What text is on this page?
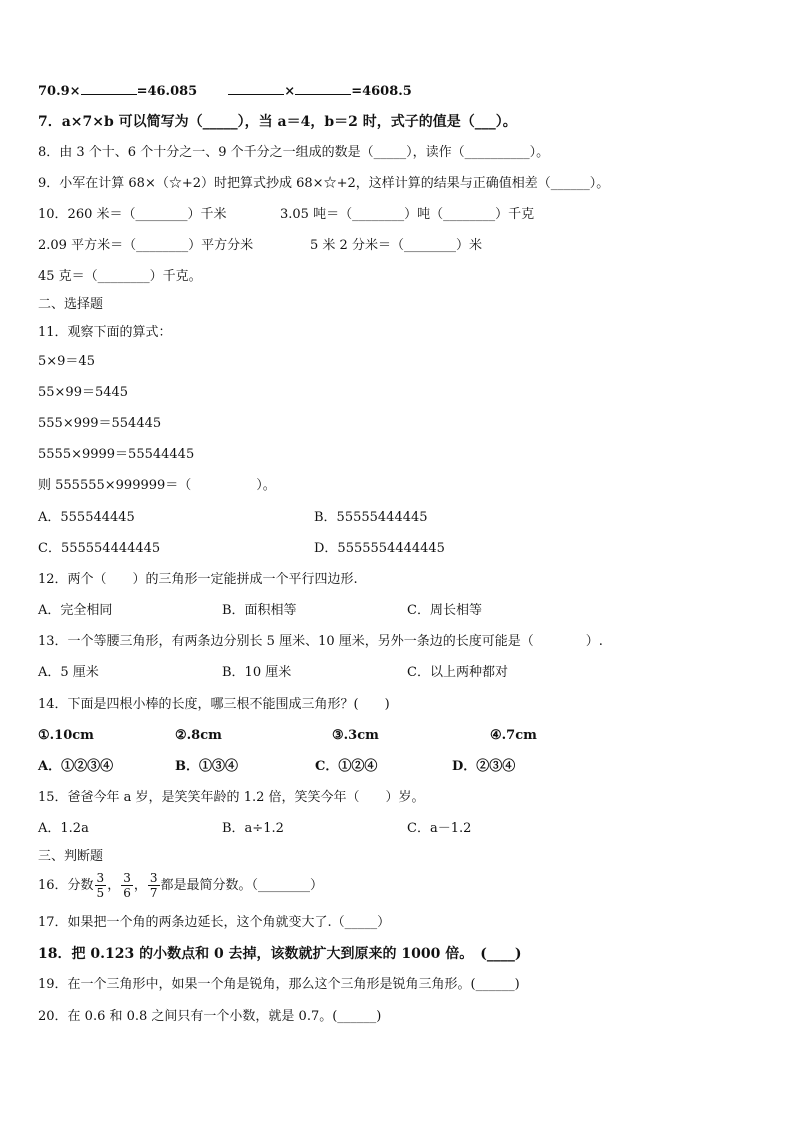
70.9×	=46.085	×	=4608.5
7．a×7×b 可以简写为（_____），当 a＝4，b＝2 时，式子的值是（___）。
8．由 3 个十、6 个十分之一、9 个千分之一组成的数是（_____），读作（__________）。
9．小军在计算 68×（☆+2）时把算式抄成 68×☆+2，这样计算的结果与正确值相差（______）。
10．260 米＝（________）千米	3.05 吨＝（________）吨（________）千克
2.09 平方米＝（________）平方分米	5 米 2 分米＝（________）米
45 克＝（________）千克。
二、选择题
11．观察下面的算式：
5×9＝45
55×99＝5445
555×999＝554445
5555×9999＝55544445
则 555555×999999＝（　　　　　）。
A．555544445	B．55555444445
C．555554444445	D．5555554444445
12．两个（　　）的三角形一定能拼成一个平行四边形.
A．完全相同	B．面积相等	C．周长相等
13．一个等腰三角形，有两条边分别长 5 厘米、10 厘米，另外一条边的长度可能是（　　　　）.
A．5 厘米	B．10 厘米	C．以上两种都对
14．下面是四根小棒的长度，哪三根不能围成三角形？(　　)
①.10cm	②.8cm	③.3cm	④.7cm
A．①②③④	B．①③④	C．①②④	D．②③④
15．爸爸今年 a 岁，是笑笑年龄的 1.2 倍，笑笑今年（　　）岁。
A．1.2a	B．a÷1.2	C．a－1.2
三、判断题
16．分数 $\frac{3}{5}$ ， $\frac{3}{6}$ ， $\frac{3}{7}$ 都是最简分数。（________）
17．如果把一个角的两条边延长，这个角就变大了.（_____）
18．把 0.123 的小数点和 0 去掉，该数就扩大到原来的 1000 倍。　(____)
19．在一个三角形中，如果一个角是锐角，那么这个三角形是锐角三角形。(______)
20．在 0.6 和 0.8 之间只有一个小数，就是 0.7。(______)
